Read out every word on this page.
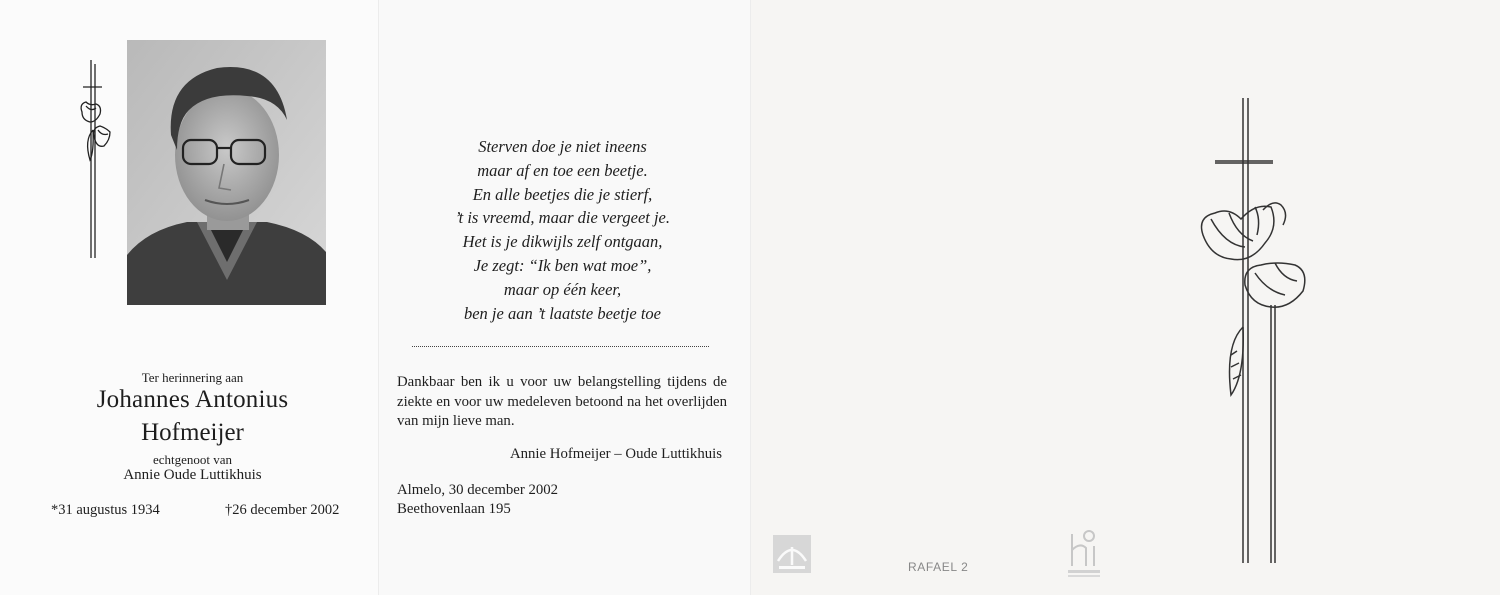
Ter herinnering aan
Johannes Antonius
Hofmeijer
echtgenoot van
Annie Oude Luttikhuis
*31 augustus 1934	†26 december 2002
Sterven doe je niet ineens
maar af en toe een beetje.
En alle beetjes die je stierf,
’t is vreemd, maar die vergeet je.
Het is je dikwijls zelf ontgaan,
Je zegt: “Ik ben wat moe”,
maar op één keer,
ben je aan ’t laatste beetje toe
Dankbaar ben ik u voor uw belangstelling tijdens de ziekte en voor uw medeleven betoond na het overlijden van mijn lieve man.
Annie Hofmeijer – Oude Luttikhuis
Almelo, 30 december 2002
Beethovenlaan 195
RAFAEL 2
